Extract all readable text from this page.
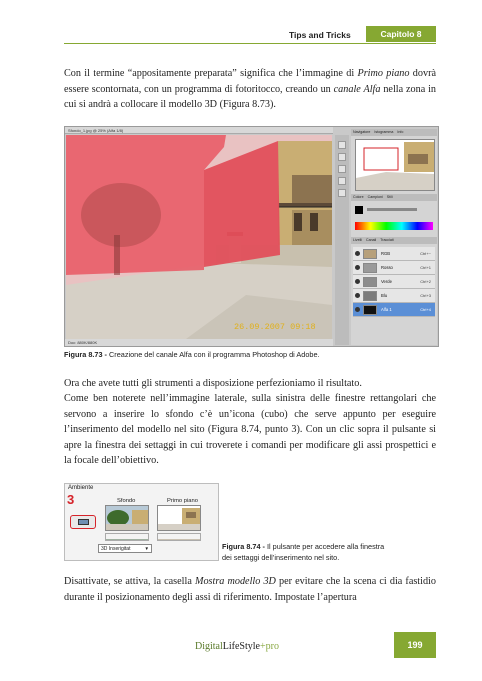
Tips and Tricks	Capitolo 8

Con il termine “appositamente preparata” significa che l’immagine di Primo piano dovrà essere scontornata, con un programma di fotoritocco, creando un canale Alfa nella zona in cui si andrà a collocare il modello 3D (Figura 8.73).

Sfondo_1.jpg @ 25% (Alfa 1/8)
26.09.2007 09:18
Doc: 880K/880K
Navigatore Istogramma Info
Colore Campioni Stili
Livelli Canali Tracciati
RGB	Ctrl+~
Rosso	Ctrl+1
Verde	Ctrl+2
Blu	Ctrl+3
Alfa 1	Ctrl+4
Figura 8.73 - Creazione del canale Alfa con il programma Photoshop di Adobe.

Ora che avete tutti gli strumenti a disposizione perfezioniamo il risultato.

Come ben noterete nell’immagine laterale, sulla sinistra delle finestre rettangolari che servono a inserire lo sfondo c’è un’icona (cubo) che serve appunto per eseguire l’inserimento del modello nel sito (Figura 8.74, punto 3). Con un clic sopra il pulsante si apre la finestra dei settaggi in cui troverete i comandi per modificare gli assi prospettici e la focale dell’obiettivo.

Ambiente
3	Sfondo	Primo piano
3D Inserigitat	▼	Figura 8.74 - Il pulsante per accedere alla finestra
dei settaggi dell’inserimento nel sito.

Disattivate, se attiva, la casella Mostra modello 3D per evitare che la scena ci dia fastidio durante il posizionamento degli assi di riferimento. Impostate l’apertura

DigitalLifeStyle+pro	199
